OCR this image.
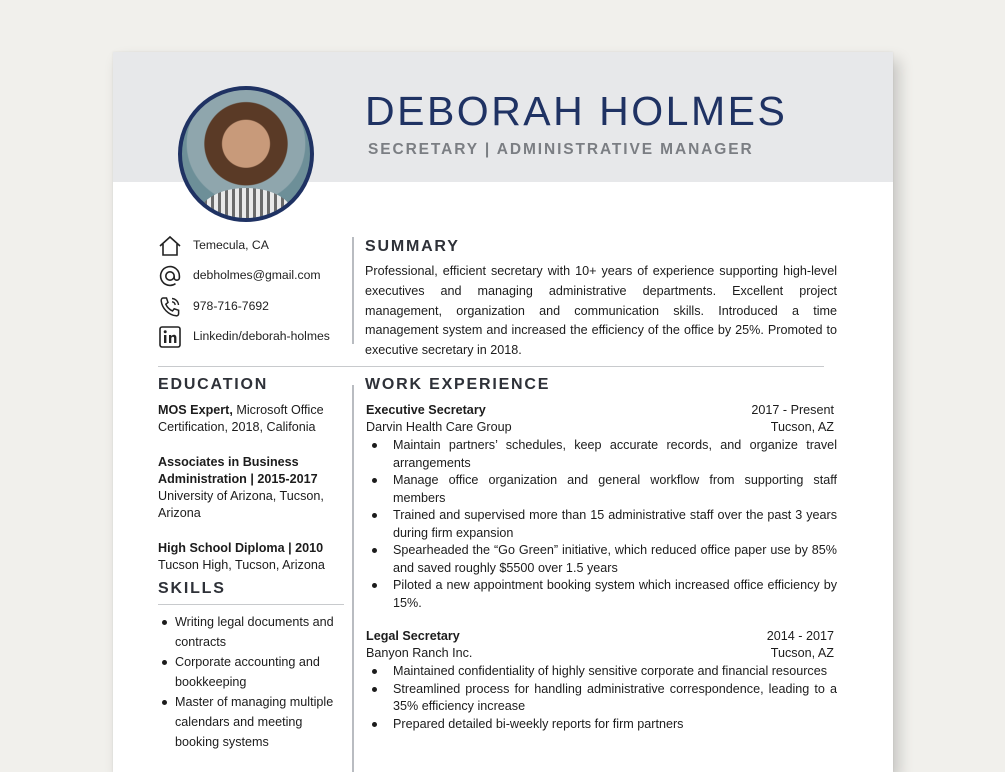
DEBORAH HOLMES
SECRETARY | ADMINISTRATIVE MANAGER
Temecula, CA
debholmes@gmail.com
978-716-7692
Linkedin/deborah-holmes
SUMMARY

Professional, efficient secretary with 10+ years of experience supporting high-level executives and managing administrative departments. Excellent project management, organization and communication skills. Introduced a time management system and increased the efficiency of the office by 25%. Promoted to executive secretary in 2018.

EDUCATION
MOS Expert, Microsoft Office Certification, 2018, Califonia
Associates in Business Administration | 2015-2017
University of Arizona, Tucson, Arizona
High School Diploma | 2010
Tucson High, Tucson, Arizona
SKILLS
Writing legal documents and contracts
Corporate accounting and bookkeeping
Master of managing multiple calendars and meeting booking systems
WORK EXPERIENCE
Executive Secretary	2017 - Present
Darvin Health Care Group	Tucson, AZ
Maintain partners’ schedules, keep accurate records, and organize travel arrangements
Manage office organization and general workflow from supporting staff members
Trained and supervised more than 15 administrative staff over the past 3 years during firm expansion
Spearheaded the “Go Green” initiative, which reduced office paper use by 85% and saved roughly $5500 over 1.5 years
Piloted a new appointment booking system which increased office efficiency by 15%.
Legal Secretary	2014 - 2017
Banyon Ranch Inc.	Tucson, AZ
Maintained confidentiality of highly sensitive corporate and financial resources
Streamlined process for handling administrative correspondence, leading to a 35% efficiency increase
Prepared detailed bi-weekly reports for firm partners
